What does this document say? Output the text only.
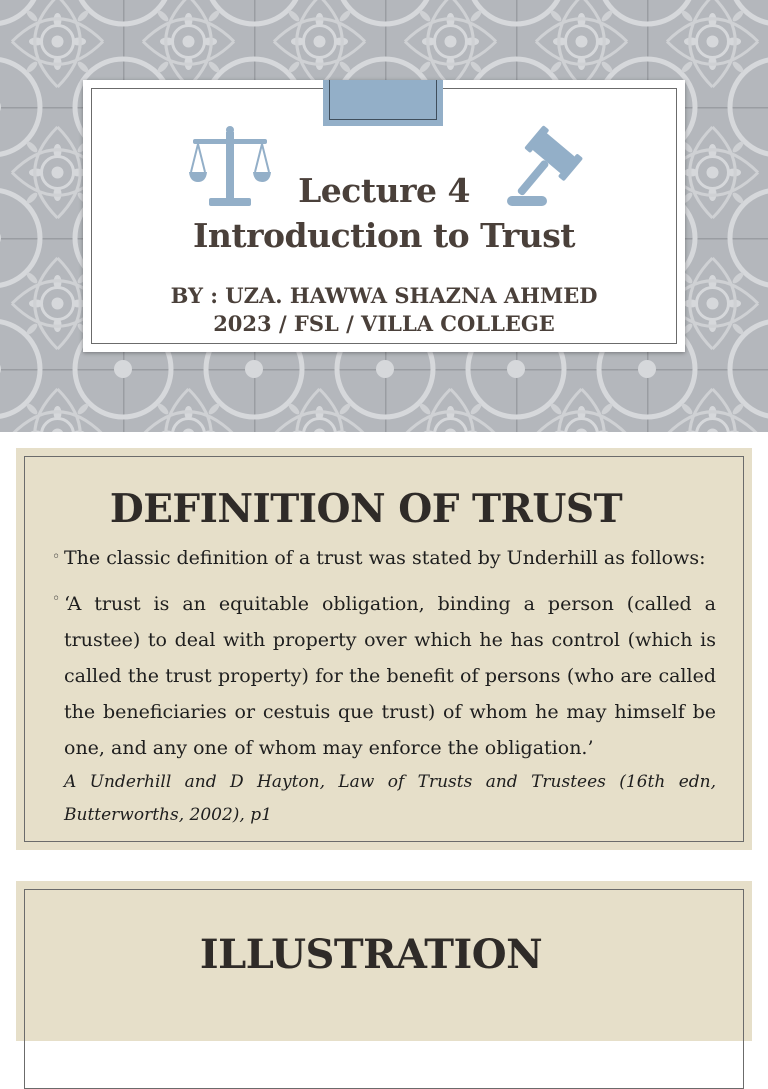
Lecture 4
Introduction to Trust
BY : UZA. HAWWA SHAZNA AHMED
2023 / FSL / VILLA COLLEGE
DEFINITION OF TRUST
◦ The classic definition of a trust was stated by Underhill as follows:
◦ ‘A trust is an equitable obligation, binding a person (called a trustee) to deal with property over which he has control (which is called the trust property) for the benefit of persons (who are called the beneficiaries or cestuis que trust) of whom he may himself be one, and any one of whom may enforce the obligation.’
A Underhill and D Hayton, Law of Trusts and Trustees (16th edn, Butterworths, 2002), p1
ILLUSTRATION
